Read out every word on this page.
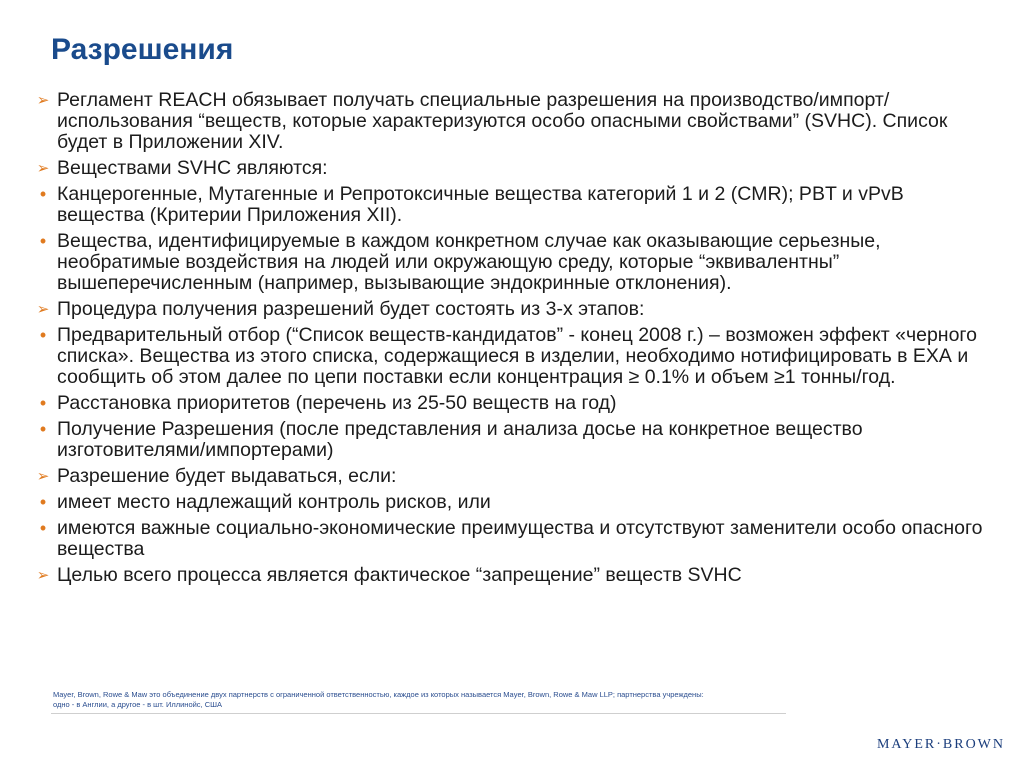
Разрешения
➢ Регламент REACH обязывает получать специальные разрешения на производство/импорт/использования “веществ, которые характеризуются особо опасными свойствами” (SVHC). Список будет в Приложении XIV.
➢ Веществами SVHC являются:
• Канцерогенные, Мутагенные и Репротоксичные вещества категорий 1 и 2 (CMR); PBT и vPvB вещества (Критерии Приложения XII).
• Вещества, идентифицируемые в каждом конкретном случае как оказывающие серьезные, необратимые воздействия на людей или окружающую среду, которые “эквивалентны” вышеперечисленным (например, вызывающие эндокринные отклонения).
➢ Процедура получения разрешений будет состоять из 3-х этапов:
• Предварительный отбор (“Список веществ-кандидатов” - конец 2008 г.) – возможен эффект «черного списка». Вещества из этого списка, содержащиеся в изделии, необходимо нотифицировать в ЕХА и сообщить об этом далее по цепи поставки если концентрация ≥ 0.1% и объем ≥1 тонны/год.
• Расстановка приоритетов (перечень из 25-50 веществ на год)
• Получение Разрешения (после представления и анализа досье на конкретное вещество изготовителями/импортерами)
➢ Разрешение будет выдаваться, если:
• имеет место надлежащий контроль рисков, или
• имеются важные социально-экономические преимущества и отсутствуют заменители особо опасного вещества
➢ Целью всего процесса является фактическое “запрещение” веществ SVHC
Mayer, Brown, Rowe & Maw это объединение двух партнерств с ограниченной ответственностью, каждое из которых называется Mayer, Brown, Rowe & Maw LLP; партнерства учреждены:
одно - в Англии, а другое - в шт. Иллинойс, США
MAYER·BROWN
